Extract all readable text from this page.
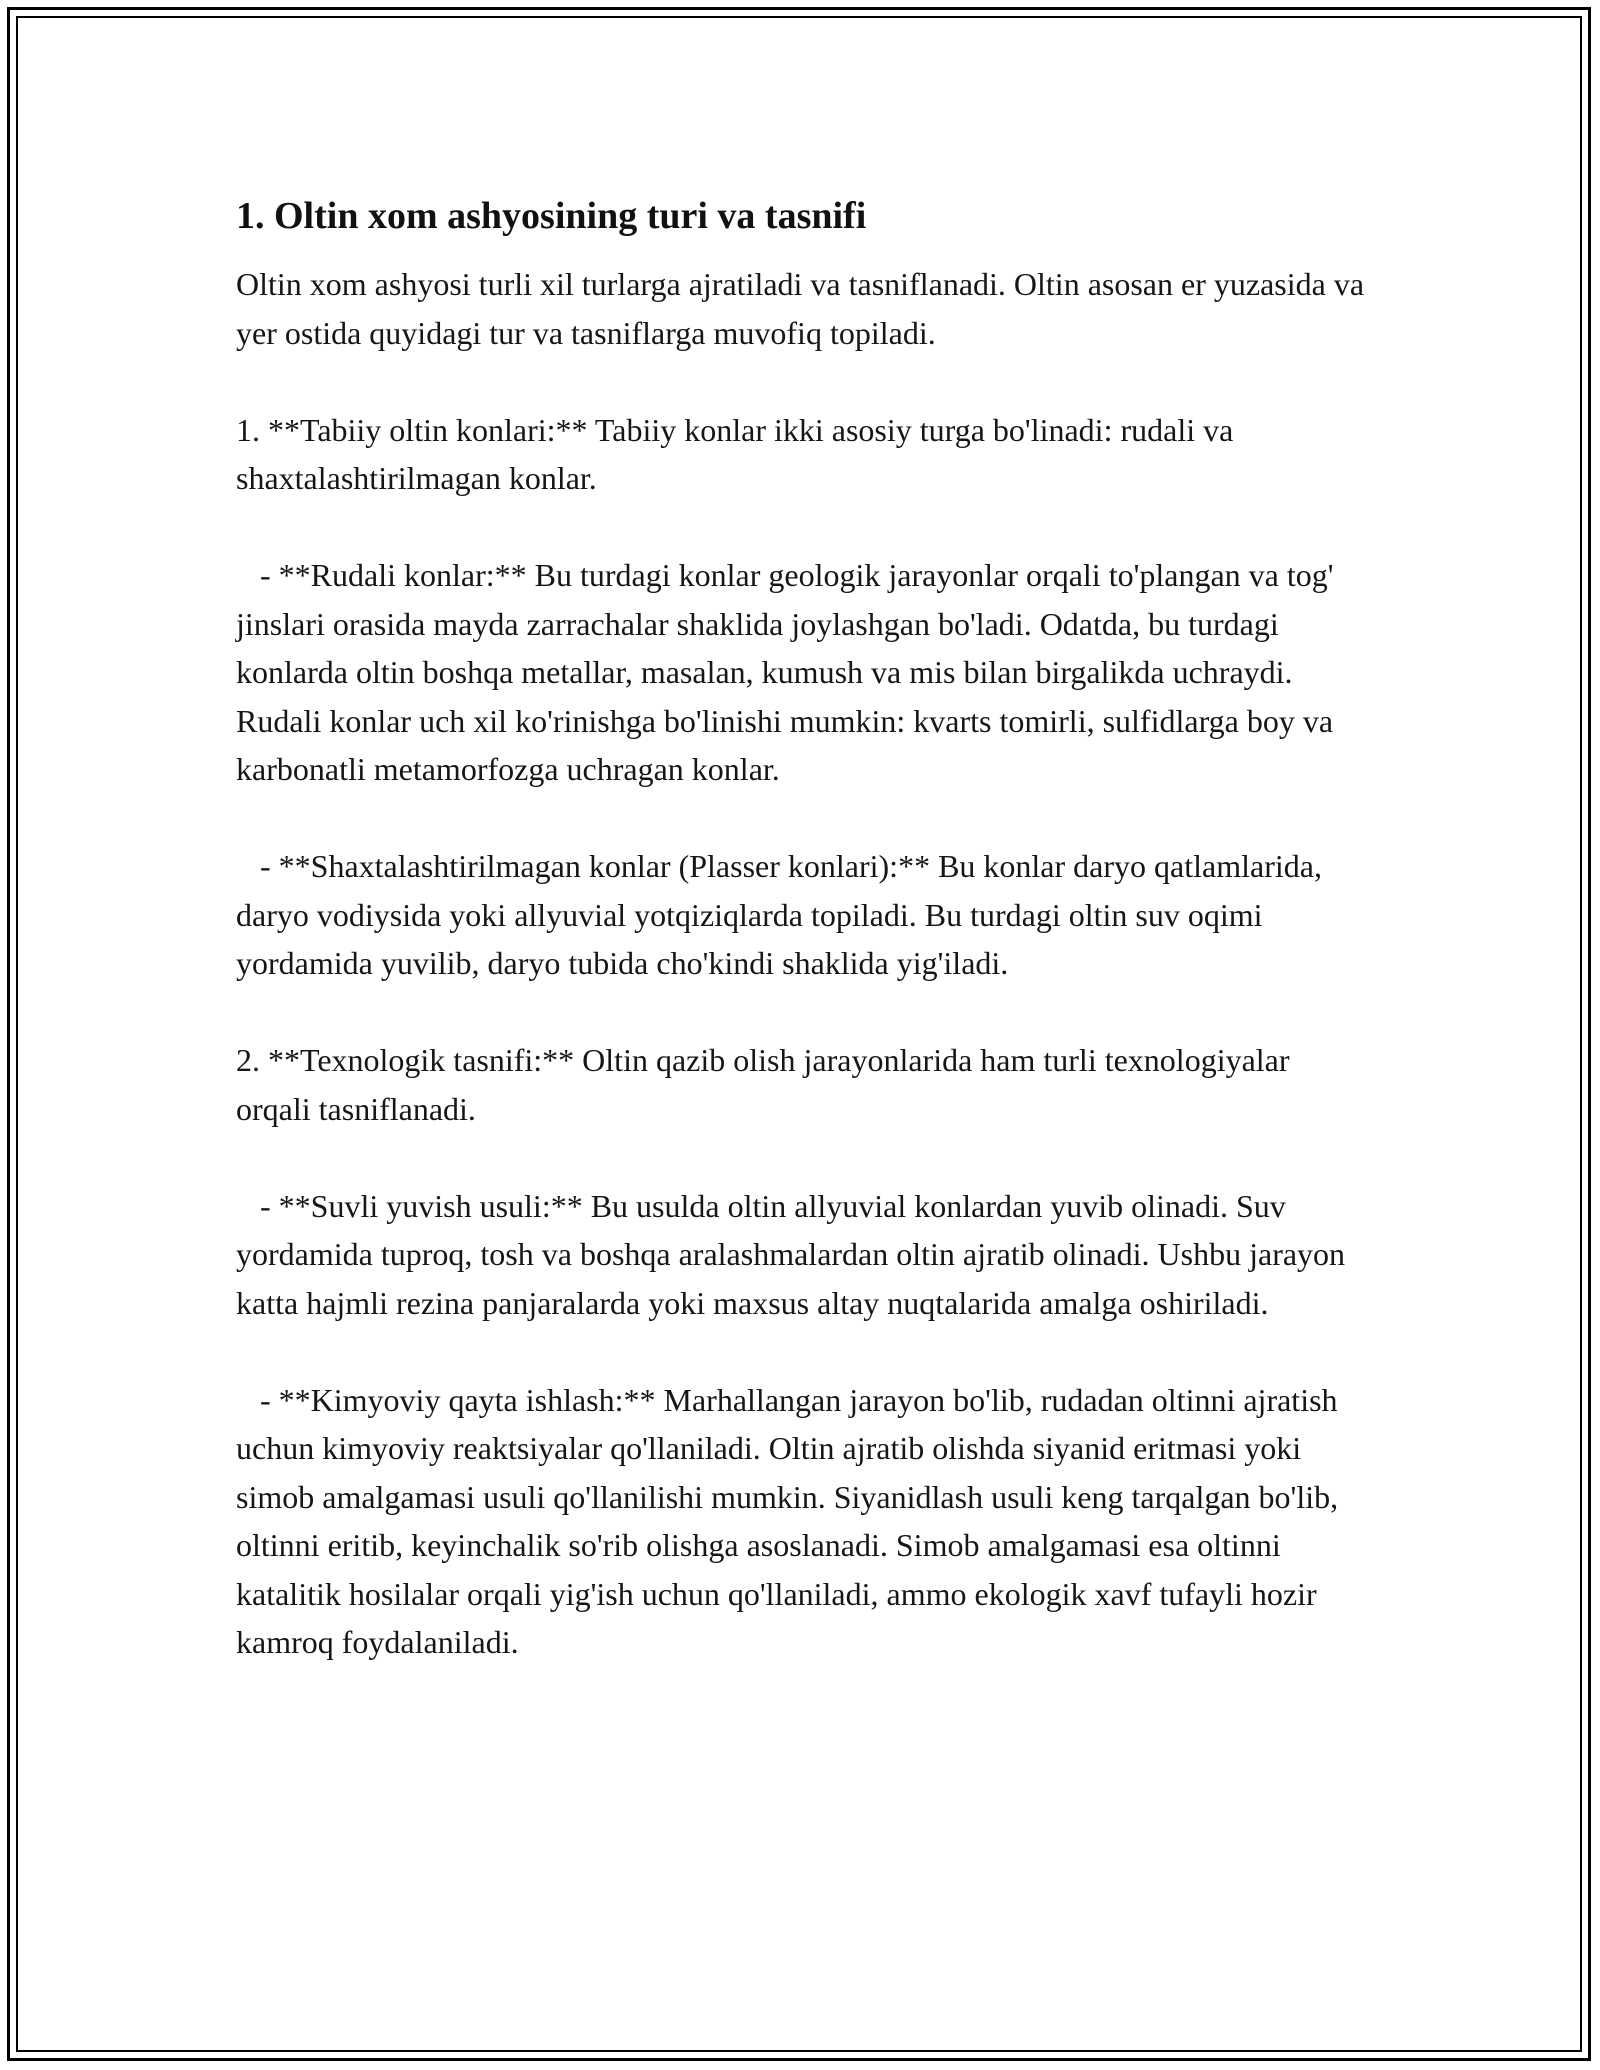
1. Oltin xom ashyosining turi va tasnifi
Oltin xom ashyosi turli xil turlarga ajratiladi va tasniflanadi. Oltin asosan er yuzasida va yer ostida quyidagi tur va tasniflarga muvofiq topiladi.

1. **Tabiiy oltin konlari:** Tabiiy konlar ikki asosiy turga bo'linadi: rudali va shaxtalashtirilmagan konlar.

- **Rudali konlar:** Bu turdagi konlar geologik jarayonlar orqali to'plangan va tog' jinslari orasida mayda zarrachalar shaklida joylashgan bo'ladi. Odatda, bu turdagi konlarda oltin boshqa metallar, masalan, kumush va mis bilan birgalikda uchraydi. Rudali konlar uch xil ko'rinishga bo'linishi mumkin: kvarts tomirli, sulfidlarga boy va karbonatli metamorfozga uchragan konlar.

- **Shaxtalashtirilmagan konlar (Plasser konlari):** Bu konlar daryo qatlamlarida, daryo vodiysida yoki allyuvial yotqiziqlarda topiladi. Bu turdagi oltin suv oqimi yordamida yuvilib, daryo tubida cho'kindi shaklida yig'iladi.

2. **Texnologik tasnifi:** Oltin qazib olish jarayonlarida ham turli texnologiyalar orqali tasniflanadi.

- **Suvli yuvish usuli:** Bu usulda oltin allyuvial konlardan yuvib olinadi. Suv yordamida tuproq, tosh va boshqa aralashmalardan oltin ajratib olinadi. Ushbu jarayon katta hajmli rezina panjaralarda yoki maxsus altay nuqtalarida amalga oshiriladi.

- **Kimyoviy qayta ishlash:** Marhallangan jarayon bo'lib, rudadan oltinni ajratish uchun kimyoviy reaktsiyalar qo'llaniladi. Oltin ajratib olishda siyanid eritmasi yoki simob amalgamasi usuli qo'llanilishi mumkin. Siyanidlash usuli keng tarqalgan bo'lib, oltinni eritib, keyinchalik so'rib olishga asoslanadi. Simob amalgamasi esa oltinni katalitik hosilalar orqali yig'ish uchun qo'llaniladi, ammo ekologik xavf tufayli hozir kamroq foydalaniladi.
